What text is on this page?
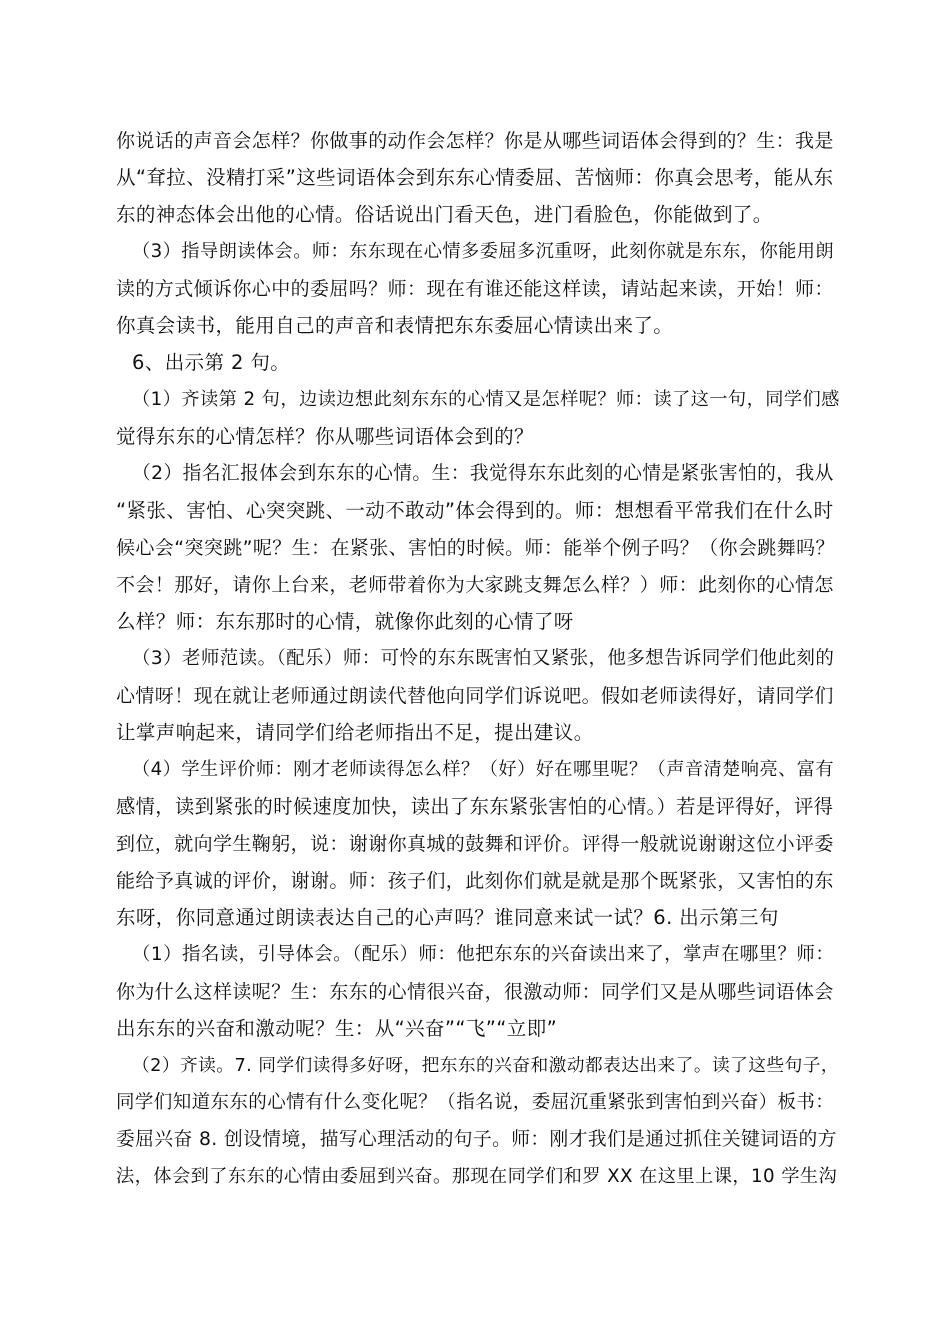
你说话的声音会怎样？你做事的动作会怎样？你是从哪些词语体会得到的？生：我是
从“耷拉、没精打采”这些词语体会到东东心情委屈、苦恼师：你真会思考，能从东
东的神态体会出他的心情。俗话说出门看天色，进门看脸色，你能做到了。
（3）指导朗读体会。师：东东现在心情多委屈多沉重呀，此刻你就是东东，你能用朗
读的方式倾诉你心中的委屈吗？师：现在有谁还能这样读，请站起来读，开始！师：
你真会读书，能用自己的声音和表情把东东委屈心情读出来了。
6、出示第 2 句。
（1）齐读第 2 句，边读边想此刻东东的心情又是怎样呢？师：读了这一句，同学们感
觉得东东的心情怎样？你从哪些词语体会到的？
（2）指名汇报体会到东东的心情。生：我觉得东东此刻的心情是紧张害怕的，我从
“紧张、害怕、心突突跳、一动不敢动”体会得到的。师：想想看平常我们在什么时
候心会“突突跳”呢？生：在紧张、害怕的时候。师：能举个例子吗？（你会跳舞吗？
不会！那好，请你上台来，老师带着你为大家跳支舞怎么样？）师：此刻你的心情怎
么样？师：东东那时的心情，就像你此刻的心情了呀
（3）老师范读。（配乐）师：可怜的东东既害怕又紧张，他多想告诉同学们他此刻的
心情呀！现在就让老师通过朗读代替他向同学们诉说吧。假如老师读得好，请同学们
让掌声响起来，请同学们给老师指出不足，提出建议。
（4）学生评价师：刚才老师读得怎么样？（好）好在哪里呢？（声音清楚响亮、富有
感情，读到紧张的时候速度加快，读出了东东紧张害怕的心情。）若是评得好，评得
到位，就向学生鞠躬，说：谢谢你真城的鼓舞和评价。评得一般就说谢谢这位小评委
能给予真诚的评价，谢谢。师：孩子们，此刻你们就是就是那个既紧张，又害怕的东
东呀，你同意通过朗读表达自己的心声吗？谁同意来试一试？6. 出示第三句
（1）指名读，引导体会。（配乐）师：他把东东的兴奋读出来了，掌声在哪里？师：
你为什么这样读呢？生：东东的心情很兴奋，很激动师：同学们又是从哪些词语体会
出东东的兴奋和激动呢？生：从“兴奋”“飞”“立即”
（2）齐读。7. 同学们读得多好呀，把东东的兴奋和激动都表达出来了。读了这些句子，
同学们知道东东的心情有什么变化呢？（指名说，委屈沉重紧张到害怕到兴奋）板书：
委屈兴奋 8. 创设情境，描写心理活动的句子。师：刚才我们是通过抓住关键词语的方
法，体会到了东东的心情由委屈到兴奋。那现在同学们和罗 XX 在这里上课，10 学生沟
